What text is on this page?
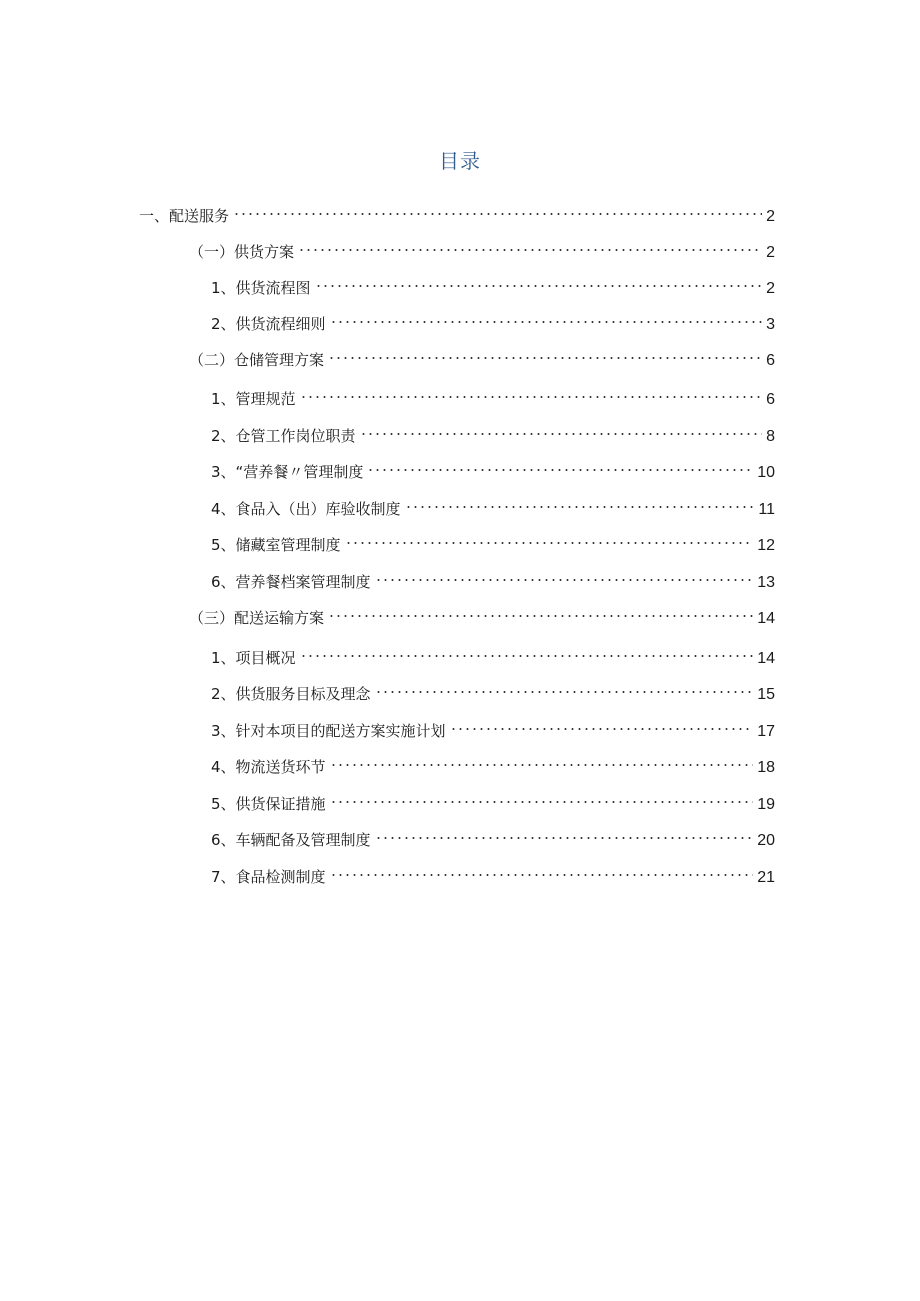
目录
一、配送服务	2
（一）供货方案	2
1、供货流程图	2
2、供货流程细则	3
（二）仓储管理方案	6
1、管理规范	6
2、仓管工作岗位职责	8
3、“营养餐〃管理制度	10
4、食品入（出）库验收制度	11
5、储藏室管理制度	12
6、营养餐档案管理制度	13
（三）配送运输方案	14
1、项目概况	14
2、供货服务目标及理念	15
3、针对本项目的配送方案实施计划	17
4、物流送货环节	18
5、供货保证措施	19
6、车辆配备及管理制度	20
7、食品检测制度	21
